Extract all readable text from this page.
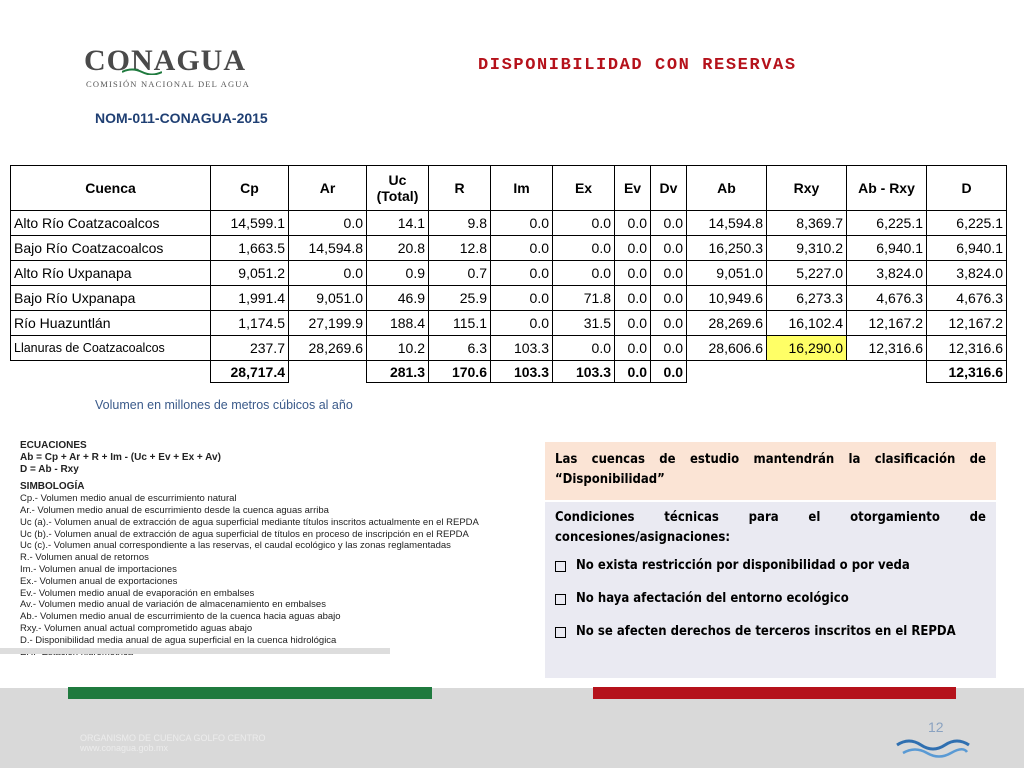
CONAGUA
COMISIÓN NACIONAL DEL AGUA
DISPONIBILIDAD CON RESERVAS
NOM-011-CONAGUA-2015
Cuenca	Cp	Ar	Uc (Total)	R	Im	Ex	Ev	Dv	Ab	Rxy	Ab - Rxy	D
Alto Río Coatzacoalcos	14,599.1	0.0	14.1	9.8	0.0	0.0	0.0	0.0	14,594.8	8,369.7	6,225.1	6,225.1
Bajo Río Coatzacoalcos	1,663.5	14,594.8	20.8	12.8	0.0	0.0	0.0	0.0	16,250.3	9,310.2	6,940.1	6,940.1
Alto Río Uxpanapa	9,051.2	0.0	0.9	0.7	0.0	0.0	0.0	0.0	9,051.0	5,227.0	3,824.0	3,824.0
Bajo Río Uxpanapa	1,991.4	9,051.0	46.9	25.9	0.0	71.8	0.0	0.0	10,949.6	6,273.3	4,676.3	4,676.3
Río Huazuntlán	1,174.5	27,199.9	188.4	115.1	0.0	31.5	0.0	0.0	28,269.6	16,102.4	12,167.2	12,167.2
Llanuras de Coatzacoalcos	237.7	28,269.6	10.2	6.3	103.3	0.0	0.0	0.0	28,606.6	16,290.0	12,316.6	12,316.6
	28,717.4		281.3	170.6	103.3	103.3	0.0	0.0				12,316.6
Volumen en millones de metros cúbicos al año
ECUACIONES
Ab = Cp + Ar + R + Im - (Uc + Ev + Ex + Av)
D = Ab - Rxy
SIMBOLOGÍA
Cp.- Volumen medio anual de escurrimiento natural
Ar.- Volumen medio anual de escurrimiento desde la cuenca aguas arriba
Uc (a).- Volumen anual de extracción de agua superficial mediante títulos inscritos actualmente en el REPDA
Uc (b).- Volumen anual de extracción de agua superficial de títulos en proceso de inscripción en el REPDA
Uc (c).- Volumen anual correspondiente a las reservas, el caudal ecológico y las zonas reglamentadas
R.- Volumen anual de retornos
Im.- Volumen anual de importaciones
Ex.- Volumen anual de exportaciones
Ev.- Volumen medio anual de evaporación en embalses
Av.- Volumen medio anual de variación de almacenamiento en embalses
Ab.- Volumen medio anual de escurrimiento de la cuenca hacia aguas abajo
Rxy.- Volumen anual actual comprometido aguas abajo
D.- Disponibilidad media anual de agua superficial en la cuenca hidrológica
Las cuencas de estudio mantendrán la clasificación de “Disponibilidad”
Condiciones técnicas para el otorgamiento de concesiones/asignaciones:
No exista restricción por disponibilidad o por veda
No haya afectación del entorno ecológico
No se afecten derechos de terceros inscritos en el REPDA
ORGANISMO DE CUENCA GOLFO CENTRO
www.conagua.gob.mx
12
